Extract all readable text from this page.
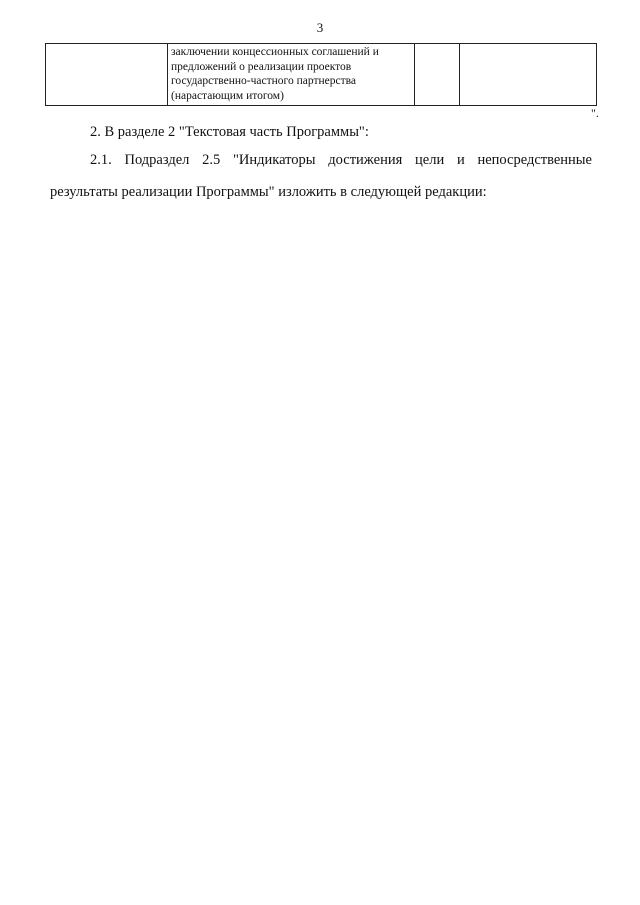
3

заключении концессионных соглашений и
предложений о реализации проектов
государственно-частного партнерства
(нарастающим итогом)

".
2. В разделе 2 "Текстовая часть Программы":
2.1. Подраздел 2.5 "Индикаторы достижения цели и непосредственные
результаты реализации Программы" изложить в следующей редакции:
